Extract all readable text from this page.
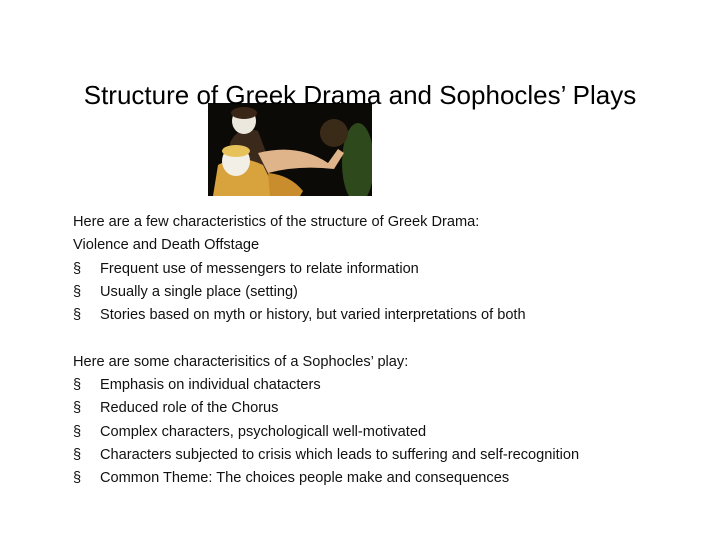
Structure of Greek Drama and Sophocles’ Plays
Here are a few characteristics of the structure of Greek Drama:
Violence and Death Offstage
§	Frequent use of messengers to relate information
§	Usually a single place (setting)
§	Stories based on myth or history, but varied interpretations of both
Here are some characterisitics of a Sophocles’ play:
§	Emphasis on individual chatacters
§	Reduced role of the Chorus
§	Complex characters, psychologicall well-motivated
§	Characters subjected to crisis which leads to suffering and self-recognition
§	Common Theme: The choices people make and consequences
